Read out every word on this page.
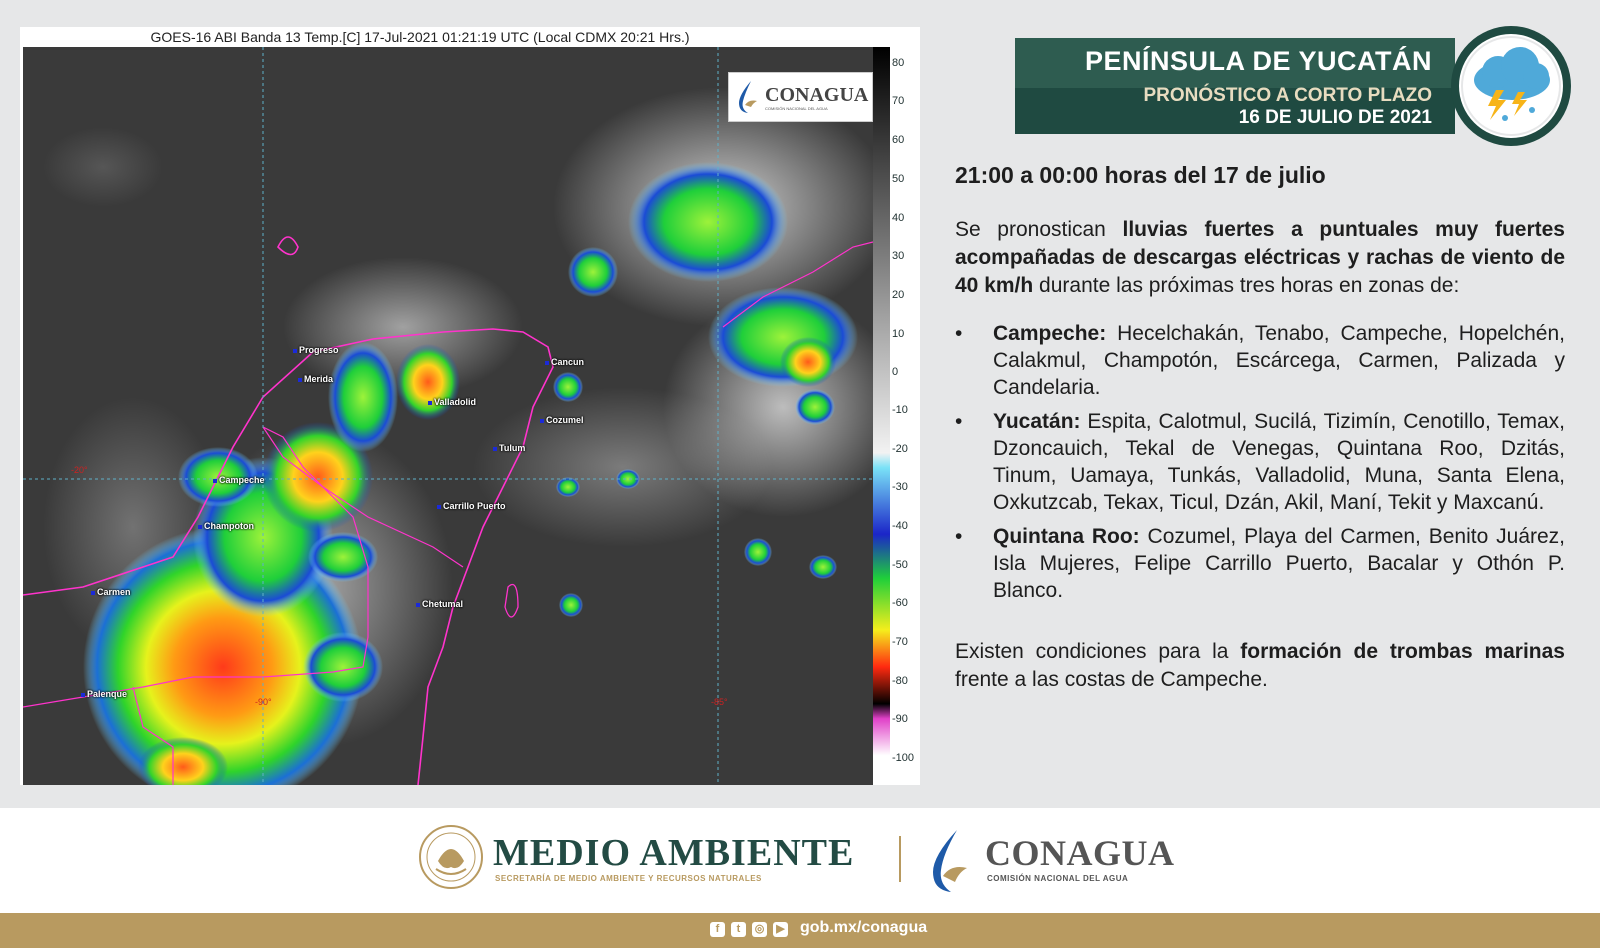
GOES-16 ABI Banda 13 Temp.[C] 17-Jul-2021 01:21:19 UTC (Local CDMX 20:21 Hrs.)
Progreso
Merida
Valladolid
Cancun
Cozumel
Tulum
Campeche
Carrillo Puerto
Champoton
Carmen
Chetumal
Palenque
-20°
-90°	-85°
CONAGUA
COMISIÓN NACIONAL DEL AGUA
80
70
60
50
40
30
20
10
0
-10
-20
-30
-40
-50
-60
-70
-80
-90
-100
PENÍNSULA DE YUCATÁN
PRONÓSTICO A CORTO PLAZO
16 DE JULIO DE 2021
21:00 a 00:00 horas del 17 de julio

Se pronostican lluvias fuertes a puntuales muy fuertes acompañadas de descargas eléctricas y rachas de viento de 40 km/h durante las próximas tres horas en zonas de:

• Campeche: Hecelchakán, Tenabo, Campeche, Hopelchén, Calakmul, Champotón, Escárcega, Carmen, Palizada y Candelaria.
• Yucatán: Espita, Calotmul, Sucilá, Tizimín, Cenotillo, Temax, Dzoncauich, Tekal de Venegas, Quintana Roo, Dzitás, Tinum, Uamaya, Tunkás, Valladolid, Muna, Santa Elena, Oxkutzcab, Tekax, Ticul, Dzán, Akil, Maní, Tekit y Maxcanú.
• Quintana Roo: Cozumel, Playa del Carmen, Benito Juárez, Isla Mujeres, Felipe Carrillo Puerto, Bacalar y Othón P. Blanco.

Existen condiciones para la formación de trombas marinas frente a las costas de Campeche.

MEDIO AMBIENTE
SECRETARÍA DE MEDIO AMBIENTE Y RECURSOS NATURALES
CONAGUA
COMISIÓN NACIONAL DEL AGUA
f	t	◎ ▶ gob.mx/conagua
